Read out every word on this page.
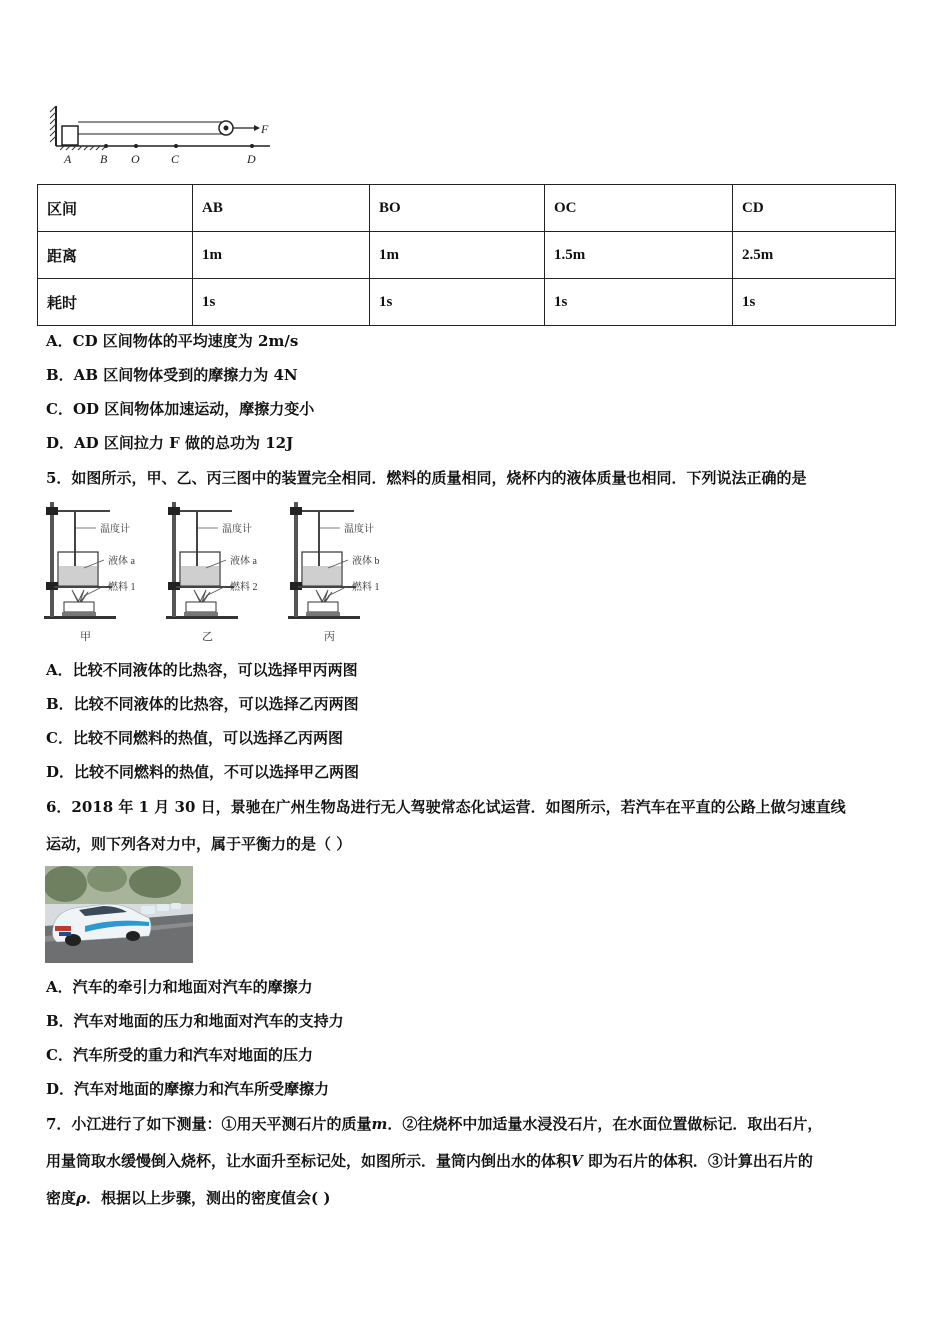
F
A B O	C	D
区间	AB	BO	OC	CD
距离	1m	1m	1.5m	2.5m
耗时	1s	1s	1s	1s
A．CD 区间物体的平均速度为 2m/s
B．AB 区间物体受到的摩擦力为 4N
C．OD 区间物体加速运动，摩擦力变小
D．AD 区间拉力 F 做的总功为 12J
5．如图所示，甲、乙、丙三图中的装置完全相同．燃料的质量相同，烧杯内的液体质量也相同．下列说法正确的是
温度计
液体 a
燃料 1
甲
温度计
液体 a
燃料 2
乙
温度计
液体 b
燃料 1
丙
A．比较不同液体的比热容，可以选择甲丙两图
B．比较不同液体的比热容，可以选择乙丙两图
C．比较不同燃料的热值，可以选择乙丙两图
D．比较不同燃料的热值，不可以选择甲乙两图
6．2018 年 1 月 30 日，景驰在广州生物岛进行无人驾驶常态化试运营．如图所示，若汽车在平直的公路上做匀速直线
运动，则下列各对力中，属于平衡力的是（ ）
A．汽车的牵引力和地面对汽车的摩擦力
B．汽车对地面的压力和地面对汽车的支持力
C．汽车所受的重力和汽车对地面的压力
D．汽车对地面的摩擦力和汽车所受摩擦力
7．小江进行了如下测量：①用天平测石片的质量m．②往烧杯中加适量水浸没石片，在水面位置做标记．取出石片，
用量筒取水缓慢倒入烧杯，让水面升至标记处，如图所示．量筒内倒出水的体积V 即为石片的体积．③计算出石片的
密度ρ．根据以上步骤，测出的密度值会( )
